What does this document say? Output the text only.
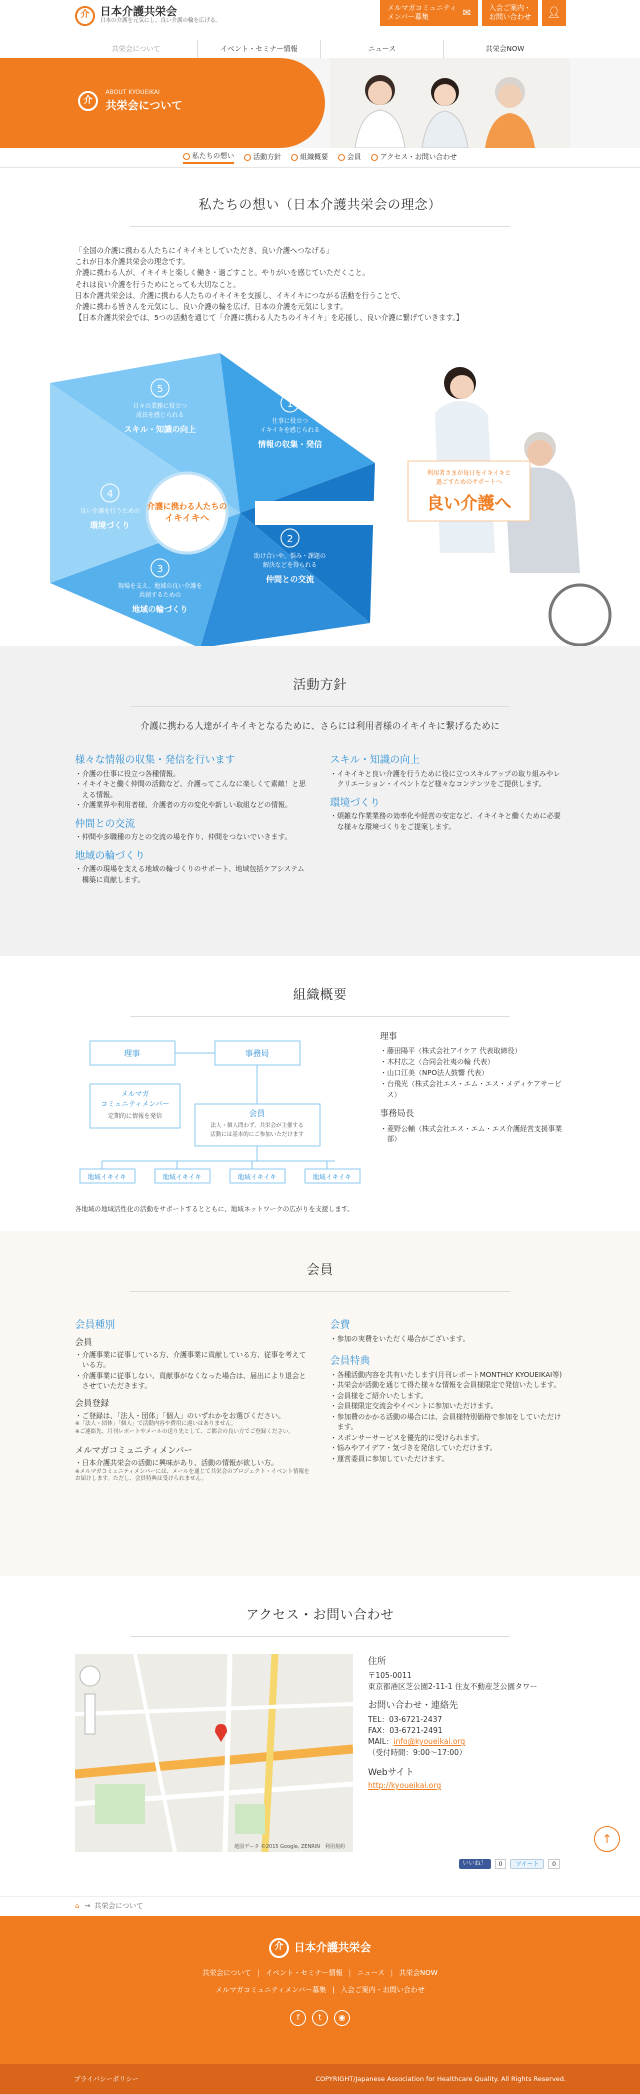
介 日本介護共栄会
日本の介護を元気にし、良い介護の輪を広げる。
メルマガコミュニティ
メンバー募集	✉	入会ご案内・
お問い合わせ 👤︎
共栄会について	イベント・セミナー情報	ニュース	共栄会NOW
介
ABOUT KYOUEIKAI
共栄会について
私たちの想い	活動方針	組織概要	会員	アクセス・お問い合わせ
私たちの想い（日本介護共栄会の理念）

「全国の介護に携わる人たちにイキイキとしていただき、良い介護へつなげる」

これが日本介護共栄会の理念です。

介護に携わる人が、イキイキと楽しく働き・過ごすこと。やりがいを感じていただくこと。

それは良い介護を行うためにとっても大切なこと。

日本介護共栄会は、介護に携わる人たちのイキイキを支援し、イキイキにつながる活動を行うことで、

介護に携わる皆さんを元気にし、良い介護の輪を広げ、日本の介護を元気にします。

【日本介護共栄会では、5つの活動を通じて「介護に携わる人たちのイキイキ」を応援し、良い介護に繋げていきます。】

介護に携わる人たちの
イキイキへ
1
仕事に役立つ
イキイキを感じられる
情報の収集・発信
2
助け合いや、悩み・課題の
解決などを得られる
仲間との交流
3
現場を支え、地域の良い介護を
共創するための
地域の輪づくり
4
良い介護を行うための
環境づくり
5
日々の業務に役立つ
成長を感じられる
スキル・知識の向上
利用者さまが毎日をイキイキと
過ごすためのサポートへ
良い介護へ
活動方針

介護に携わる人達がイキイキとなるために、さらには利用者様のイキイキに繋げるために

様々な情報の収集・発信を行います
・ 介護の仕事に役立つ各種情報。
・ イキイキと働く仲間の活動など、介護ってこんなに楽しくて素敵！と思える情報。
・ 介護業界や利用者様、介護者の方の変化や新しい取組などの情報。
仲間との交流
・ 仲間や多職種の方との交流の場を作り、仲間をつないでいきます。
地域の輪づくり
・ 介護の現場を支える地域の輪づくりのサポート、地域包括ケアシステム構築に貢献します。
スキル・知識の向上
・ イキイキと良い介護を行うために役に立つスキルアップの取り組みやレクリエーション・イベントなど様々なコンテンツをご提供します。
環境づくり
・ 煩雑な作業業務の効率化や経営の安定など、イキイキと働くために必要な様々な環境づくりをご提案します。
組織概要
理事	事務局
メルマガ
コミュニティメンバー
定期的に情報を発信	会員
法人・個人問わず、共栄会が主催する
活動には基本的にご参加いただけます
地域イキイキ	地域イキイキ	地域イキイキ	地域イキイキ
理事
・ 藤田陽平（株式会社アイケア 代表取締役）
・ 木村広之（合同会社夷の輪 代表）
・ 山口江美（NPO法人鼓響 代表）
・ 台飛光（株式会社エス・エム・エス・メディケアサービス）
事務局長
・ 菱野公輔（株式会社エス・エム・エス介護経営支援事業部）

各地域の地域活性化の活動をサポートするとともに、地域ネットワークの広がりを支援します。

会員
会員種別
会員
・ 介護事業に従事している方、介護事業に貢献している方、従事を考えている方。
・ 介護事業に従事しない、貢献事がなくなった場合は、届出により退会とさせていただきます。
会員登録
・ ご登録は、「法人・団体」「個人」のいずれかをお選びください。

※「法人・団体」「個人」で活動内容や費用に違いはありません。

※ご連絡先、月刊レポートやメールの送り先として、ご都合の良い方でご登録ください。

メルマガコミュニティメンバー
・ 日本介護共栄会の活動に興味があり、活動の情報が欲しい方。

※メルマガコミュニティメンバーには、メールを通じて共栄会のプロジェクト・イベント情報をお届けします。ただし、会員特典は受けられません。

会費
・ 参加の実費をいただく場合がございます。
会員特典
・ 各種活動内容を共有いたします(月刊レポートMONTHLY KYOUEIKAI等)
・ 共栄会が活動を通じて得た様々な情報を会員様限定で発信いたします。
・ 会員様をご紹介いたします。
・ 会員様限定交流会やイベントに参加いただけます。
・ 参加費のかかる活動の場合には、会員様特別価格で参加をしていただけます。
・ スポンサーサービスを優先的に受けられます。
・ 悩みやアイデア・気づきを発信していただけます。
・ 運営委員に参加していただけます。
アクセス・お問い合わせ
地図データ ©2015 Google, ZENRIN　利用規約
住所
〒105-0011
東京都港区芝公園2-11-1 住友不動産芝公園タワー
お問い合わせ・連絡先
TEL：03-6721-2437
FAX：03-6721-2491
MAIL：info@kyoueikai.org
（受付時間：9:00～17:00）
Webサイト
http://kyoueikai.org
いいね！	0	ツイート	0
↑
⌂ → 共栄会について
介 日本介護共栄会
共栄会について | イベント・セミナー情報 | ニュース | 共栄会NOW
メルマガコミュニティメンバー募集 | 入会ご案内・お問い合わせ
f	t	◉
プライバシーポリシー	COPYRIGHT/Japanese Association for Healthcare Quality. All Rights Reserved.
